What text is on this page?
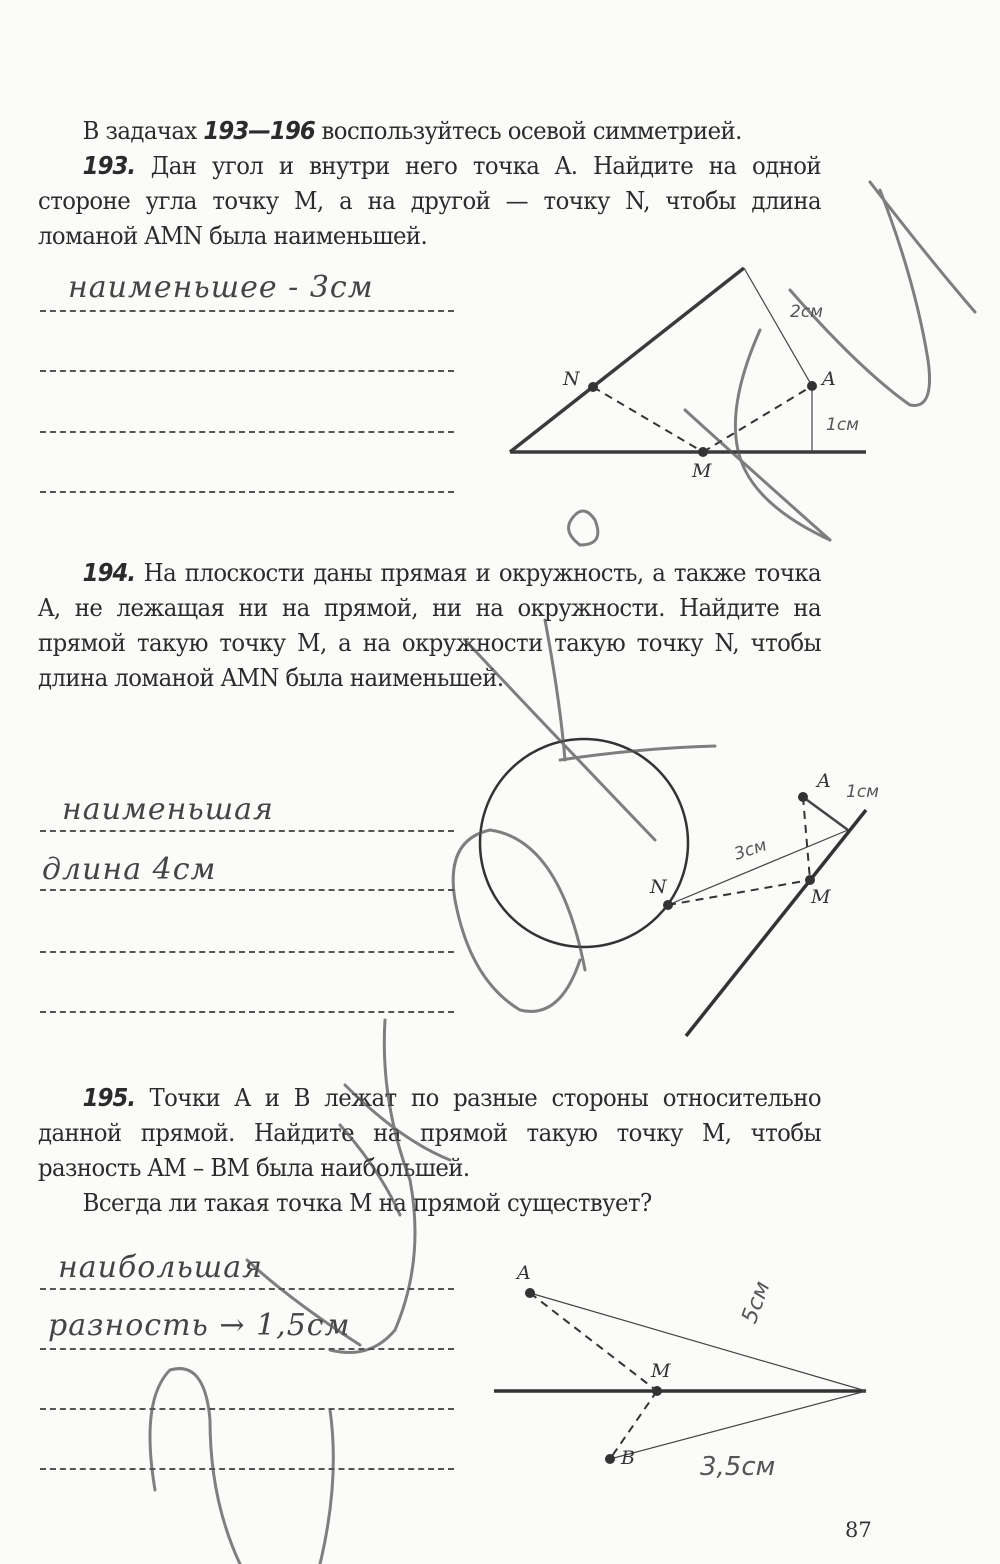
В задачах 193—196 воспользуйтесь осевой симметрией.

193. Дан угол и внутри него точка A. Найдите на одной стороне угла точку M, а на другой — точку N, чтобы длина ломаной AMN была наименьшей.

наименьшее - 3см
N	A
M
2см
1см

194. На плоскости даны прямая и окружность, а также точка A, не лежащая ни на прямой, ни на окружности. Найдите на прямой такую точку M, а на окружности такую точку N, чтобы длина ломаной AMN была наименьшей.

наименьшая
длина 4см
A
N	M
3см
1см

195. Точки A и B лежат по разные стороны относительно данной прямой. Найдите на прямой такую точку M, чтобы разность AM – BM была наибольшей.

Всегда ли такая точка M на прямой существует?

наибольшая
разность → 1,5см
A
M
B
5см
3,5см
87
